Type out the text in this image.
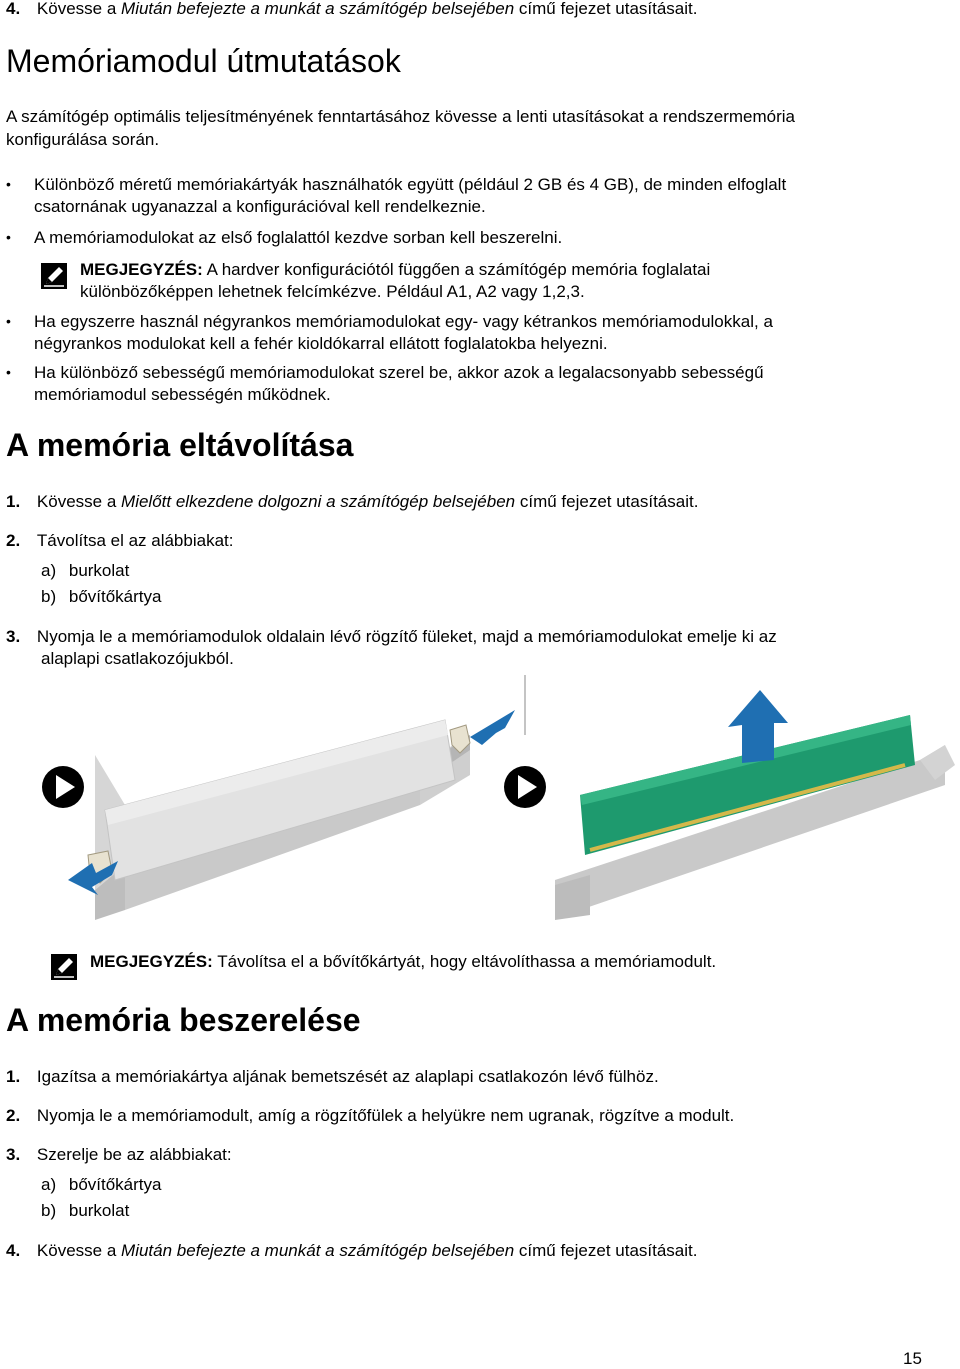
4. Kövesse a Miután befejezte a munkát a számítógép belsejében című fejezet utasításait.
Memóriamodul útmutatások
A számítógép optimális teljesítményének fenntartásához kövesse a lenti utasításokat a rendszermemória
konfigurálása során.
• Különböző méretű memóriakártyák használhatók együtt (például 2 GB és 4 GB), de minden elfoglalt
csatornának ugyanazzal a konfigurációval kell rendelkeznie.
• A memóriamodulokat az első foglalattól kezdve sorban kell beszerelni.
MEGJEGYZÉS: A hardver konfigurációtól függően a számítógép memória foglalatai
különbözőképpen lehetnek felcímkézve. Például A1, A2 vagy 1,2,3.
• Ha egyszerre használ négyrankos memóriamodulokat egy- vagy kétrankos memóriamodulokkal, a
négyrankos modulokat kell a fehér kioldókarral ellátott foglalatokba helyezni.
• Ha különböző sebességű memóriamodulokat szerel be, akkor azok a legalacsonyabb sebességű
memóriamodul sebességén működnek.
A memória eltávolítása
1. Kövesse a Mielőtt elkezdene dolgozni a számítógép belsejében című fejezet utasításait.
2. Távolítsa el az alábbiakat:
a) burkolat
b) bővítőkártya
3. Nyomja le a memóriamodulok oldalain lévő rögzítő füleket, majd a memóriamodulokat emelje ki az
alaplapi csatlakozójukból.
MEGJEGYZÉS: Távolítsa el a bővítőkártyát, hogy eltávolíthassa a memóriamodult.
A memória beszerelése
1. Igazítsa a memóriakártya aljának bemetszését az alaplapi csatlakozón lévő fülhöz.
2. Nyomja le a memóriamodult, amíg a rögzítőfülek a helyükre nem ugranak, rögzítve a modult.
3. Szerelje be az alábbiakat:
a) bővítőkártya
b) burkolat
4. Kövesse a Miután befejezte a munkát a számítógép belsejében című fejezet utasításait.
15
